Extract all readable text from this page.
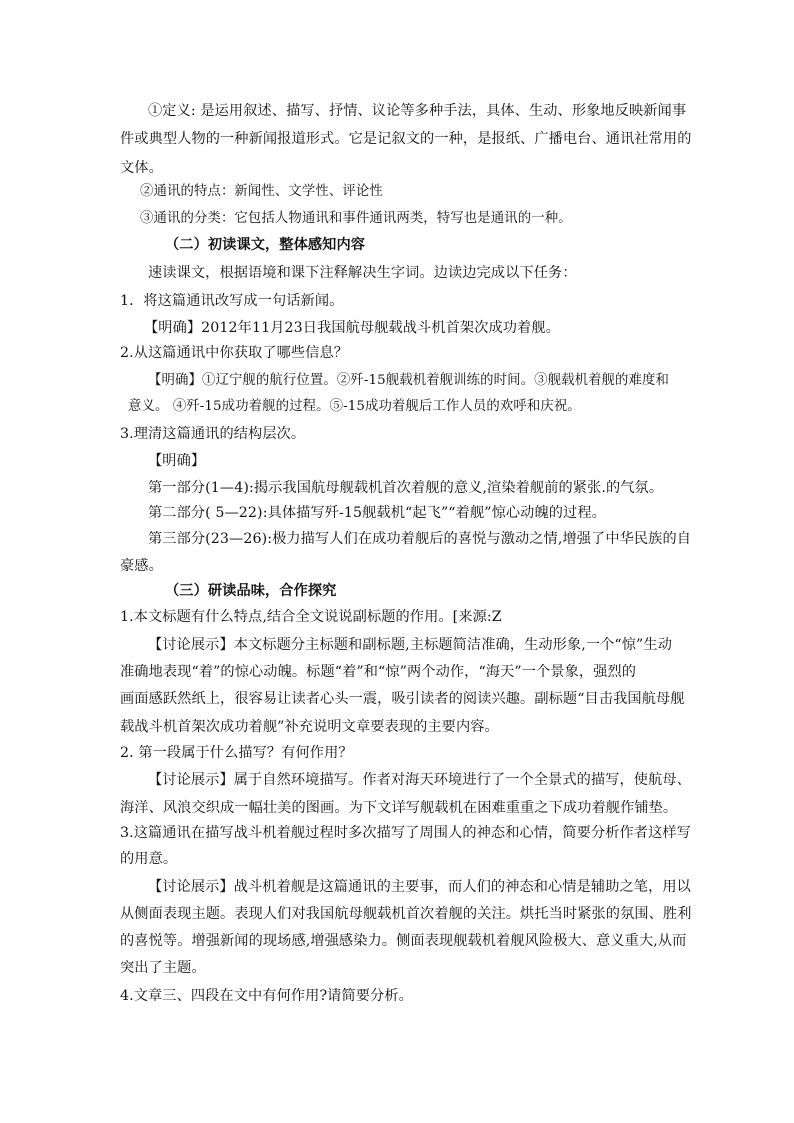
①定义: 是运用叙述、描写、抒情、议论等多种手法，具体、生动、形象地反映新闻事
件或典型人物的一种新闻报道形式。它是记叙文的一种，是报纸、广播电台、通讯社常用的
文体。
②通讯的特点：新闻性、文学性、评论性
③通讯的分类：它包括人物通讯和事件通讯两类，特写也是通讯的一种。
（二）初读课文，整体感知内容
速读课文，根据语境和课下注释解决生字词。边读边完成以下任务：
1．将这篇通讯改写成一句话新闻。
【明确】2012年11月23日我国航母舰载战斗机首架次成功着舰。
2.从这篇通讯中你获取了哪些信息？
【明确】①辽宁舰的航行位置。②歼-15舰载机着舰训练的时间。③舰载机着舰的难度和
意义。 ④歼-15成功着舰的过程。⑤-15成功着舰后工作人员的欢呼和庆祝。
3.理清这篇通讯的结构层次。
【明确】
第一部分(1—4):揭示我国航母舰载机首次着舰的意义,渲染着舰前的紧张.的气氛。
第二部分( 5—22):具体描写歼-15舰载机“起飞”“着舰”惊心动魄的过程。
第三部分(23—26):极力描写人们在成功着舰后的喜悦与激动之情,增强了中华民族的自
豪感。
（三）研读品味，合作探究
1.本文标题有什么特点,结合全文说说副标题的作用。[来源:Z
【讨论展示】本文标题分主标题和副标题,主标题简洁准确，生动形象,一个“惊”生动
准确地表现“着”的惊心动魄。标题“着”和“惊”两个动作，“海天”一个景象，强烈的
画面感跃然纸上，很容易让读者心头一震，吸引读者的阅读兴趣。副标题“目击我国航母舰
载战斗机首架次成功着舰”补充说明文章要表现的主要内容。
2. 第一段属于什么描写？有何作用？
【讨论展示】属于自然环境描写。作者对海天环境进行了一个全景式的描写，使航母、
海洋、风浪交织成一幅壮美的图画。为下文详写舰载机在困难重重之下成功着舰作铺垫。
3.这篇通讯在描写战斗机着舰过程时多次描写了周围人的神态和心情，简要分析作者这样写
的用意。
【讨论展示】战斗机着舰是这篇通讯的主要事，而人们的神态和心情是辅助之笔，用以
从侧面表现主题。表现人们对我国航母舰载机首次着舰的关注。烘托当时紧张的氛围、胜利
的喜悦等。增强新闻的现场感,增强感染力。侧面表现舰载机着舰风险极大、意义重大,从而
突出了主题。
4.文章三、四段在文中有何作用?请简要分析。
